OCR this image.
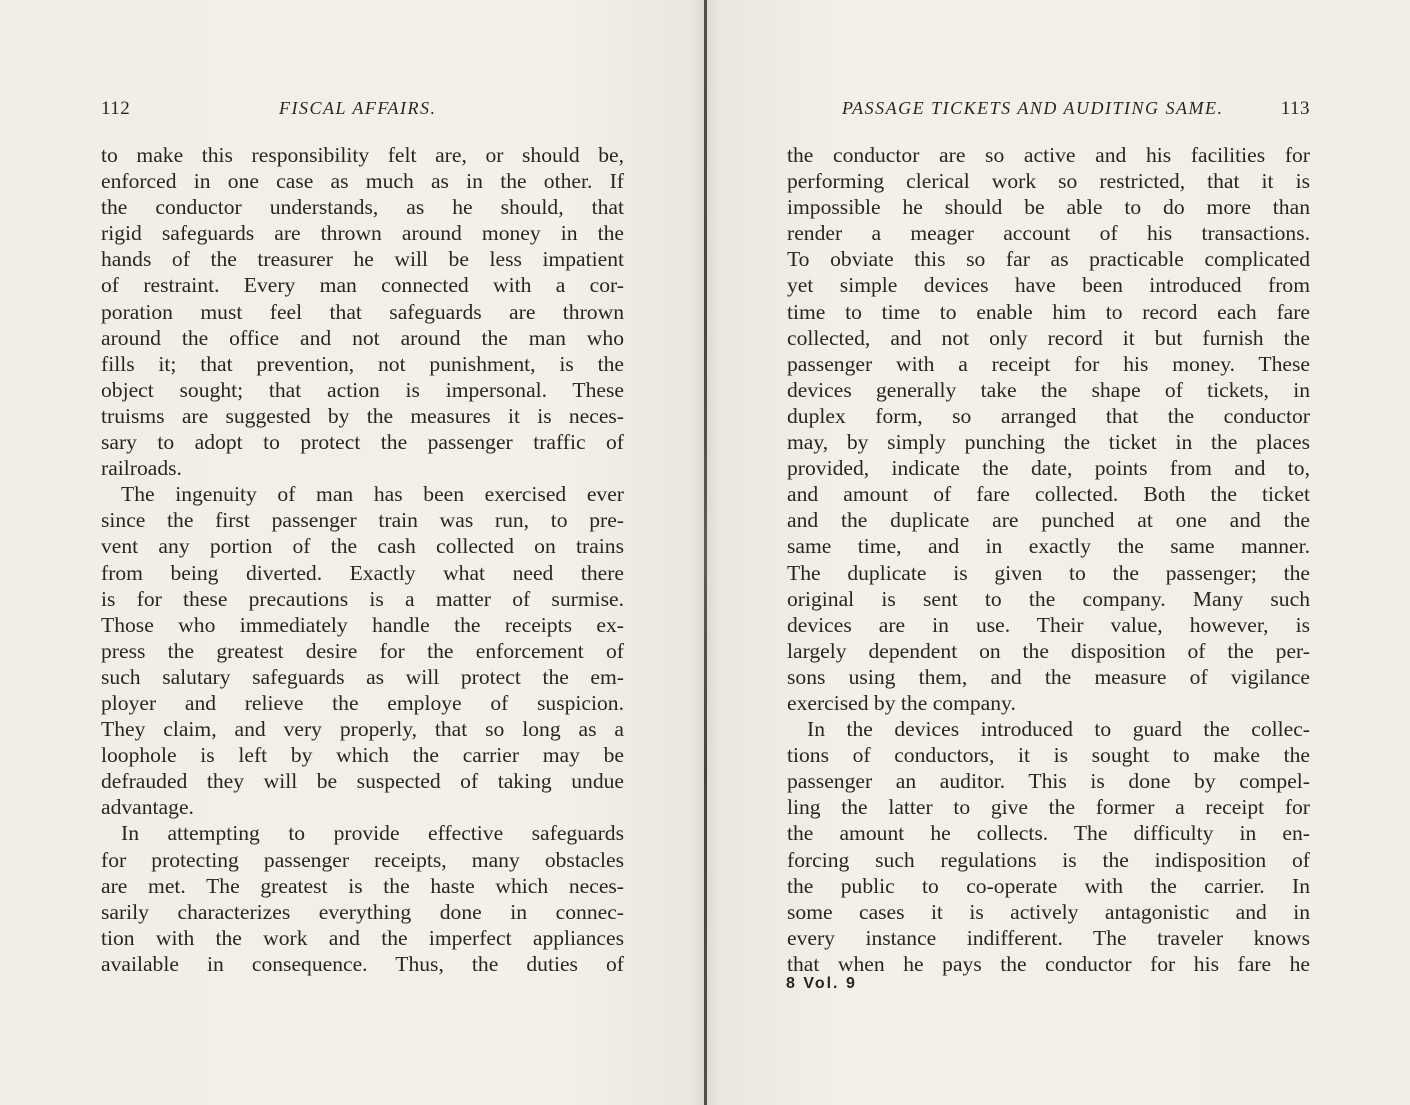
112	FISCAL AFFAIRS.
to make this responsibility felt are, or should be,
enforced in one case as much as in the other. If
the conductor understands, as he should, that
rigid safeguards are thrown around money in the
hands of the treasurer he will be less impatient
of restraint. Every man connected with a cor-
poration must feel that safeguards are thrown
around the office and not around the man who
fills it; that prevention, not punishment, is the
object sought; that action is impersonal. These
truisms are suggested by the measures it is neces-
sary to adopt to protect the passenger traffic of
railroads.
The ingenuity of man has been exercised ever
since the first passenger train was run, to pre-
vent any portion of the cash collected on trains
from being diverted. Exactly what need there
is for these precautions is a matter of surmise.
Those who immediately handle the receipts ex-
press the greatest desire for the enforcement of
such salutary safeguards as will protect the em-
ployer and relieve the employe of suspicion.
They claim, and very properly, that so long as a
loophole is left by which the carrier may be
defrauded they will be suspected of taking undue
advantage.
In attempting to provide effective safeguards
for protecting passenger receipts, many obstacles
are met. The greatest is the haste which neces-
sarily characterizes everything done in connec-
tion with the work and the imperfect appliances
available in consequence. Thus, the duties of
PASSAGE TICKETS AND AUDITING SAME.	113
the conductor are so active and his facilities for
performing clerical work so restricted, that it is
impossible he should be able to do more than
render a meager account of his transactions.
To obviate this so far as practicable complicated
yet simple devices have been introduced from
time to time to enable him to record each fare
collected, and not only record it but furnish the
passenger with a receipt for his money. These
devices generally take the shape of tickets, in
duplex form, so arranged that the conductor
may, by simply punching the ticket in the places
provided, indicate the date, points from and to,
and amount of fare collected. Both the ticket
and the duplicate are punched at one and the
same time, and in exactly the same manner.
The duplicate is given to the passenger; the
original is sent to the company. Many such
devices are in use. Their value, however, is
largely dependent on the disposition of the per-
sons using them, and the measure of vigilance
exercised by the company.
In the devices introduced to guard the collec-
tions of conductors, it is sought to make the
passenger an auditor. This is done by compel-
ling the latter to give the former a receipt for
the amount he collects. The difficulty in en-
forcing such regulations is the indisposition of
the public to co-operate with the carrier. In
some cases it is actively antagonistic and in
every instance indifferent. The traveler knows
that when he pays the conductor for his fare he
8 Vol. 9
